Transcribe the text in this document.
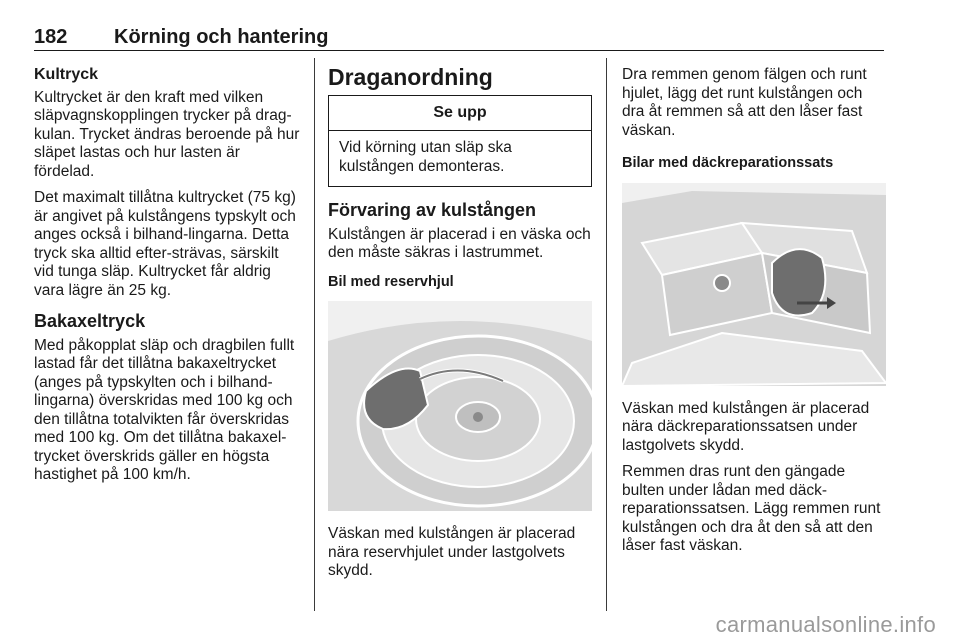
182 Körning och hantering
Kultryck

Kultrycket är den kraft med vilken släpvagnskopplingen trycker på drag-kulan. Trycket ändras beroende på hur släpet lastas och hur lasten är fördelad.

Det maximalt tillåtna kultrycket (75 kg) är angivet på kulstångens typskylt och anges också i bilhand-lingarna. Detta tryck ska alltid efter-strävas, särskilt vid tunga släp. Kultrycket får aldrig vara lägre än 25 kg.

Bakaxeltryck

Med påkopplat släp och dragbilen fullt lastad får det tillåtna bakaxeltrycket (anges på typskylten och i bilhand-lingarna) överskridas med 100 kg och den tillåtna totalvikten får överskridas med 100 kg. Om det tillåtna bakaxel-trycket överskrids gäller en högsta hastighet på 100 km/h.

Draganordning
Se upp
Vid körning utan släp ska kulstången demonteras.
Förvaring av kulstången

Kulstången är placerad i en väska och den måste säkras i lastrummet.

Bil med reservhjul

Väskan med kulstången är placerad nära reservhjulet under lastgolvets skydd.

Dra remmen genom fälgen och runt hjulet, lägg det runt kulstången och dra åt remmen så att den låser fast väskan.

Bilar med däckreparationssats

Väskan med kulstången är placerad nära däckreparationssatsen under lastgolvets skydd.

Remmen dras runt den gängade bulten under lådan med däck-reparationssatsen. Lägg remmen runt kulstången och dra åt den så att den låser fast väskan.

carmanualsonline.info
